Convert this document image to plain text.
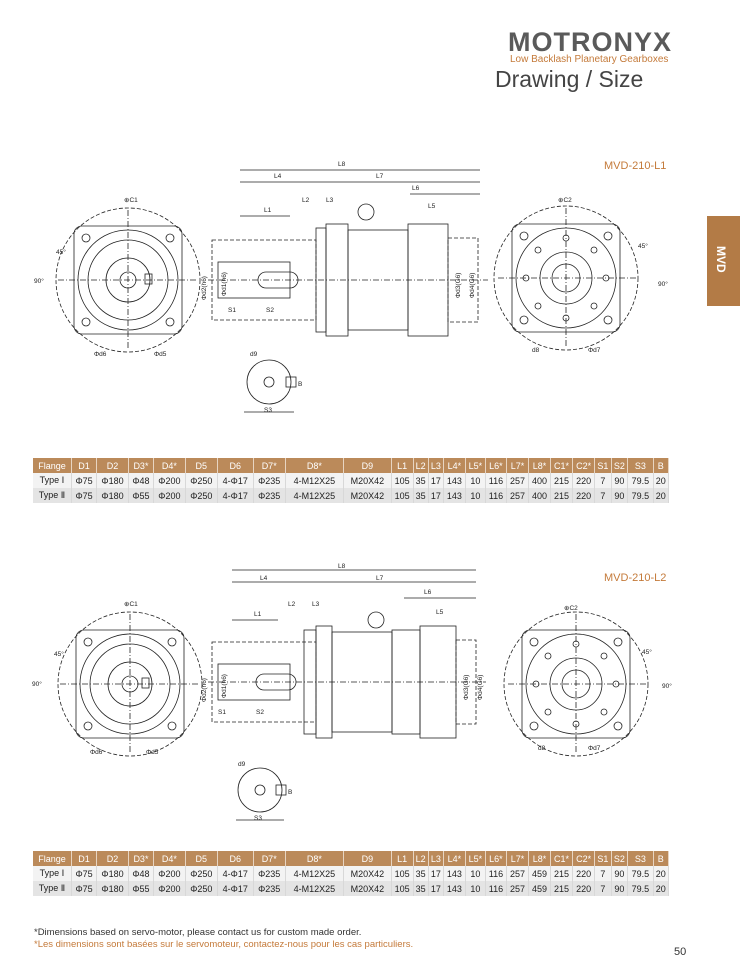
MOTRONYX
Low Backlash Planetary Gearboxes
Drawing / Size
MVD
MVD-210-L1
⊕C1
45°
90°
Φd6	Φd5
L8
L4	L7
L6
L5
L1
L2	L3
Φd2(h6) Φd1(h6)	Φd3(G6) Φd4(G6)
S1	S2
d9
S3
B
⊕C2
45°
90°
d8	Φd7
Flange	D1	D2	D3*	D4*	D5	D6	D7*	D8*	D9	L1	L2	L3	L4*	L5*	L6*	L7*	L8*	C1*	C2*	S1	S2	S3	B
Type Ⅰ	Φ75	Φ180	Φ48	Φ200	Φ250	4-Φ17	Φ235	4-M12X25	M20X42	105	35	17	143	10	116	257	400	215	220	7	90	79.5	20
Type Ⅱ	Φ75	Φ180	Φ55	Φ200	Φ250	4-Φ17	Φ235	4-M12X25	M20X42	105	35	17	143	10	116	257	400	215	220	7	90	79.5	20
MVD-210-L2
⊕C1
45°
90°
Φd6	Φd5
L8
L4	L7
L6
L5
L1
L2	L3
Φd2(h6) Φd1(h6)	Φd3(G6) Φd4(G6)
S1	S2
d9
S3
B
⊕C2
45°
90°
d8	Φd7
Flange	D1	D2	D3*	D4*	D5	D6	D7*	D8*	D9	L1	L2	L3	L4*	L5*	L6*	L7*	L8*	C1*	C2*	S1	S2	S3	B
Type Ⅰ	Φ75	Φ180	Φ48	Φ200	Φ250	4-Φ17	Φ235	4-M12X25	M20X42	105	35	17	143	10	116	257	459	215	220	7	90	79.5	20
Type Ⅱ	Φ75	Φ180	Φ55	Φ200	Φ250	4-Φ17	Φ235	4-M12X25	M20X42	105	35	17	143	10	116	257	459	215	220	7	90	79.5	20
*Dimensions based on servo-motor, please contact us for custom made order.
*Les dimensions sont basées sur le servomoteur, contactez-nous pour les cas particuliers.
50
